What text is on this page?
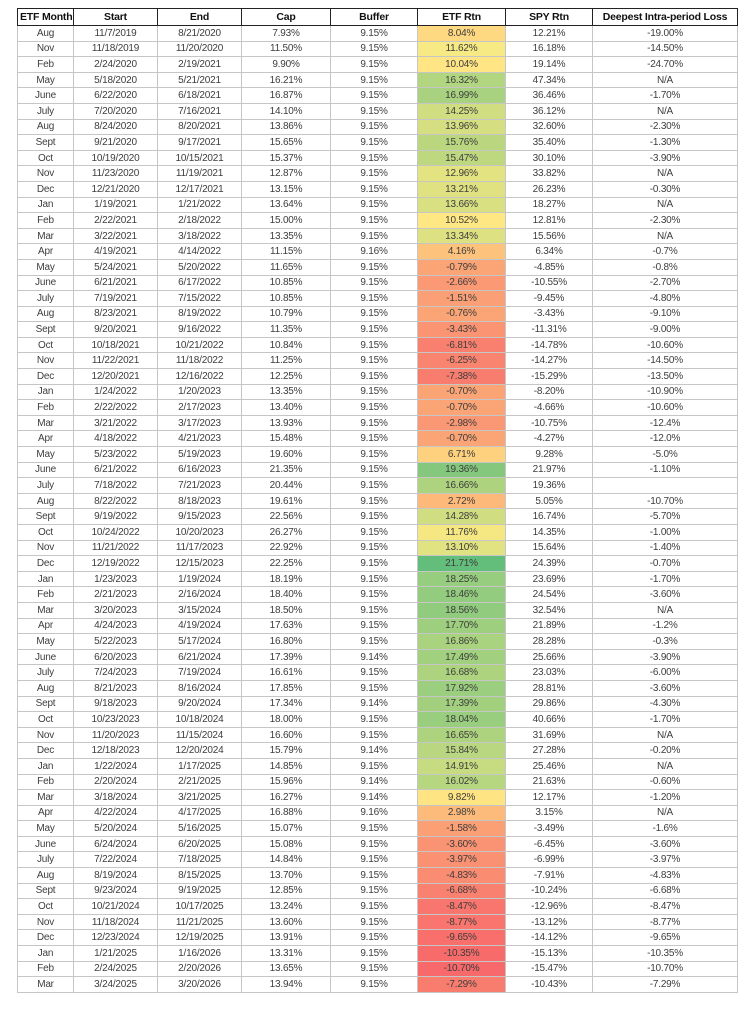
ETF Month	Start	End	Cap	Buffer	ETF Rtn	SPY Rtn	Deepest Intra-period Loss
Aug	11/7/2019	8/21/2020	7.93%	9.15%	8.04%	12.21%	-19.00%
Nov	11/18/2019	11/20/2020	11.50%	9.15%	11.62%	16.18%	-14.50%
Feb	2/24/2020	2/19/2021	9.90%	9.15%	10.04%	19.14%	-24.70%
May	5/18/2020	5/21/2021	16.21%	9.15%	16.32%	47.34%	N/A
June	6/22/2020	6/18/2021	16.87%	9.15%	16.99%	36.46%	-1.70%
July	7/20/2020	7/16/2021	14.10%	9.15%	14.25%	36.12%	N/A
Aug	8/24/2020	8/20/2021	13.86%	9.15%	13.96%	32.60%	-2.30%
Sept	9/21/2020	9/17/2021	15.65%	9.15%	15.76%	35.40%	-1.30%
Oct	10/19/2020	10/15/2021	15.37%	9.15%	15.47%	30.10%	-3.90%
Nov	11/23/2020	11/19/2021	12.87%	9.15%	12.96%	33.82%	N/A
Dec	12/21/2020	12/17/2021	13.15%	9.15%	13.21%	26.23%	-0.30%
Jan	1/19/2021	1/21/2022	13.64%	9.15%	13.66%	18.27%	N/A
Feb	2/22/2021	2/18/2022	15.00%	9.15%	10.52%	12.81%	-2.30%
Mar	3/22/2021	3/18/2022	13.35%	9.15%	13.34%	15.56%	N/A
Apr	4/19/2021	4/14/2022	11.15%	9.16%	4.16%	6.34%	-0.7%
May	5/24/2021	5/20/2022	11.65%	9.15%	-0.79%	-4.85%	-0.8%
June	6/21/2021	6/17/2022	10.85%	9.15%	-2.66%	-10.55%	-2.70%
July	7/19/2021	7/15/2022	10.85%	9.15%	-1.51%	-9.45%	-4.80%
Aug	8/23/2021	8/19/2022	10.79%	9.15%	-0.76%	-3.43%	-9.10%
Sept	9/20/2021	9/16/2022	11.35%	9.15%	-3.43%	-11.31%	-9.00%
Oct	10/18/2021	10/21/2022	10.84%	9.15%	-6.81%	-14.78%	-10.60%
Nov	11/22/2021	11/18/2022	11.25%	9.15%	-6.25%	-14.27%	-14.50%
Dec	12/20/2021	12/16/2022	12.25%	9.15%	-7.38%	-15.29%	-13.50%
Jan	1/24/2022	1/20/2023	13.35%	9.15%	-0.70%	-8.20%	-10.90%
Feb	2/22/2022	2/17/2023	13.40%	9.15%	-0.70%	-4.66%	-10.60%
Mar	3/21/2022	3/17/2023	13.93%	9.15%	-2.98%	-10.75%	-12.4%
Apr	4/18/2022	4/21/2023	15.48%	9.15%	-0.70%	-4.27%	-12.0%
May	5/23/2022	5/19/2023	19.60%	9.15%	6.71%	9.28%	-5.0%
June	6/21/2022	6/16/2023	21.35%	9.15%	19.36%	21.97%	-1.10%
July	7/18/2022	7/21/2023	20.44%	9.15%	16.66%	19.36%	
Aug	8/22/2022	8/18/2023	19.61%	9.15%	2.72%	5.05%	-10.70%
Sept	9/19/2022	9/15/2023	22.56%	9.15%	14.28%	16.74%	-5.70%
Oct	10/24/2022	10/20/2023	26.27%	9.15%	11.76%	14.35%	-1.00%
Nov	11/21/2022	11/17/2023	22.92%	9.15%	13.10%	15.64%	-1.40%
Dec	12/19/2022	12/15/2023	22.25%	9.15%	21.71%	24.39%	-0.70%
Jan	1/23/2023	1/19/2024	18.19%	9.15%	18.25%	23.69%	-1.70%
Feb	2/21/2023	2/16/2024	18.40%	9.15%	18.46%	24.54%	-3.60%
Mar	3/20/2023	3/15/2024	18.50%	9.15%	18.56%	32.54%	N/A
Apr	4/24/2023	4/19/2024	17.63%	9.15%	17.70%	21.89%	-1.2%
May	5/22/2023	5/17/2024	16.80%	9.15%	16.86%	28.28%	-0.3%
June	6/20/2023	6/21/2024	17.39%	9.14%	17.49%	25.66%	-3.90%
July	7/24/2023	7/19/2024	16.61%	9.15%	16.68%	23.03%	-6.00%
Aug	8/21/2023	8/16/2024	17.85%	9.15%	17.92%	28.81%	-3.60%
Sept	9/18/2023	9/20/2024	17.34%	9.14%	17.39%	29.86%	-4.30%
Oct	10/23/2023	10/18/2024	18.00%	9.15%	18.04%	40.66%	-1.70%
Nov	11/20/2023	11/15/2024	16.60%	9.15%	16.65%	31.69%	N/A
Dec	12/18/2023	12/20/2024	15.79%	9.14%	15.84%	27.28%	-0.20%
Jan	1/22/2024	1/17/2025	14.85%	9.15%	14.91%	25.46%	N/A
Feb	2/20/2024	2/21/2025	15.96%	9.14%	16.02%	21.63%	-0.60%
Mar	3/18/2024	3/21/2025	16.27%	9.14%	9.82%	12.17%	-1.20%
Apr	4/22/2024	4/17/2025	16.88%	9.16%	2.98%	3.15%	N/A
May	5/20/2024	5/16/2025	15.07%	9.15%	-1.58%	-3.49%	-1.6%
June	6/24/2024	6/20/2025	15.08%	9.15%	-3.60%	-6.45%	-3.60%
July	7/22/2024	7/18/2025	14.84%	9.15%	-3.97%	-6.99%	-3.97%
Aug	8/19/2024	8/15/2025	13.70%	9.15%	-4.83%	-7.91%	-4.83%
Sept	9/23/2024	9/19/2025	12.85%	9.15%	-6.68%	-10.24%	-6.68%
Oct	10/21/2024	10/17/2025	13.24%	9.15%	-8.47%	-12.96%	-8.47%
Nov	11/18/2024	11/21/2025	13.60%	9.15%	-8.77%	-13.12%	-8.77%
Dec	12/23/2024	12/19/2025	13.91%	9.15%	-9.65%	-14.12%	-9.65%
Jan	1/21/2025	1/16/2026	13.31%	9.15%	-10.35%	-15.13%	-10.35%
Feb	2/24/2025	2/20/2026	13.65%	9.15%	-10.70%	-15.47%	-10.70%
Mar	3/24/2025	3/20/2026	13.94%	9.15%	-7.29%	-10.43%	-7.29%
